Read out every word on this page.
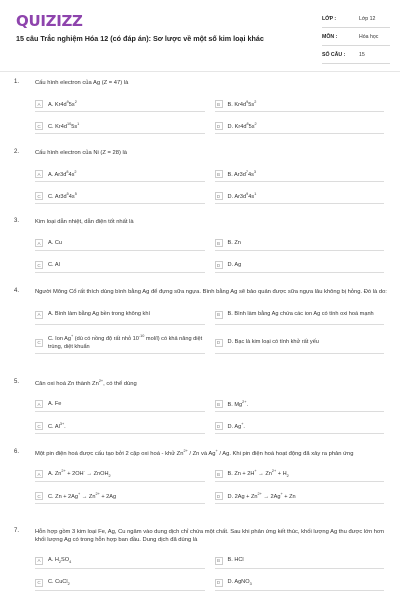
QUIZIZZ
15 câu Trắc nghiệm Hóa 12 (có đáp án): Sơ lược về một số kim loại khác
LỚP :	Lớp 12
MÔN :	Hóa học
SỐ CÂU :	15
1.	Cấu hình electron của Ag (Z = 47) là
A	A. $Kr4d^95s^2$
B	B. $Kr4d^95s^2$
C	C. $Kr4d^{10}5s^1$
D	D. $Kr4d^85s^2$
2.	Cấu hình electron của Ni (Z = 28) là
A	A. $Ar3d^84s^2$
B	B. $Ar3d^74s^3$
C	C. $Ar3d^54s^5$
D	D. $Ar3d^94s^1$
3.	Kim loại dẫn nhiệt, dẫn điện tốt nhất là
A	A. Cu	B	B. Zn
C	C. Al	D	D. Ag
4.	Người Mông Cổ rất thích dùng bình bằng Ag để đựng sữa ngựa. Bình bằng Ag sẽ bảo quản được sữa ngựa lâu không bị hỏng. Đó là do:
A	A. Bình làm bằng Ag bền trong không khí	B	B. Bình làm bằng Ag chứa các ion Ag có tính oxi hoá mạnh
C
C. Ion Ag+ (dù có nồng độ rất nhỏ $10^{-10}$ mol/l) có khả năng diệt trùng, diệt khuẩn
D	D. Bạc là kim loại có tính khử rất yếu
5.	Cân oxi hoá Zn thành $Zn^{2+}$, có thể dùng
A	A. Fe	B	B. $Mg^{2+}$.
C	C. $Al^{3+}$.	D	D. Ag+.
6.	Một pin điện hoá được cấu tạo bởi 2 cặp oxi hoá - khử $Zn^{2+}$ / Zn và Ag+ / Ag. Khi pin điện hoá hoạt động đã xảy ra phản ứng
A	A. $Zn^{2+} + 2OH^-$ → ZnOH$_2$	B	B. $Zn + 2H^+ \to Zn^{2+} + H_2$
C	C. $Zn + 2Ag^+ \to Zn^{2+} + 2Ag$	D	D. $2Ag + Zn^{2+} \to 2Ag^+ + Zn$
7.	Hỗn hợp gồm 3 kim loại Fe, Ag, Cu ngâm vào dung dịch chỉ chứa một chất. Sau khi phản ứng kết thúc, khối lượng Ag thu được lớn hơn khối lượng Ag có trong hỗn hợp ban đầu. Dung dịch đã dùng là
A	A. $H_2SO_4$	B	B. HCl
C	C. CuCl$_2$	D	D. AgNO$_3$
